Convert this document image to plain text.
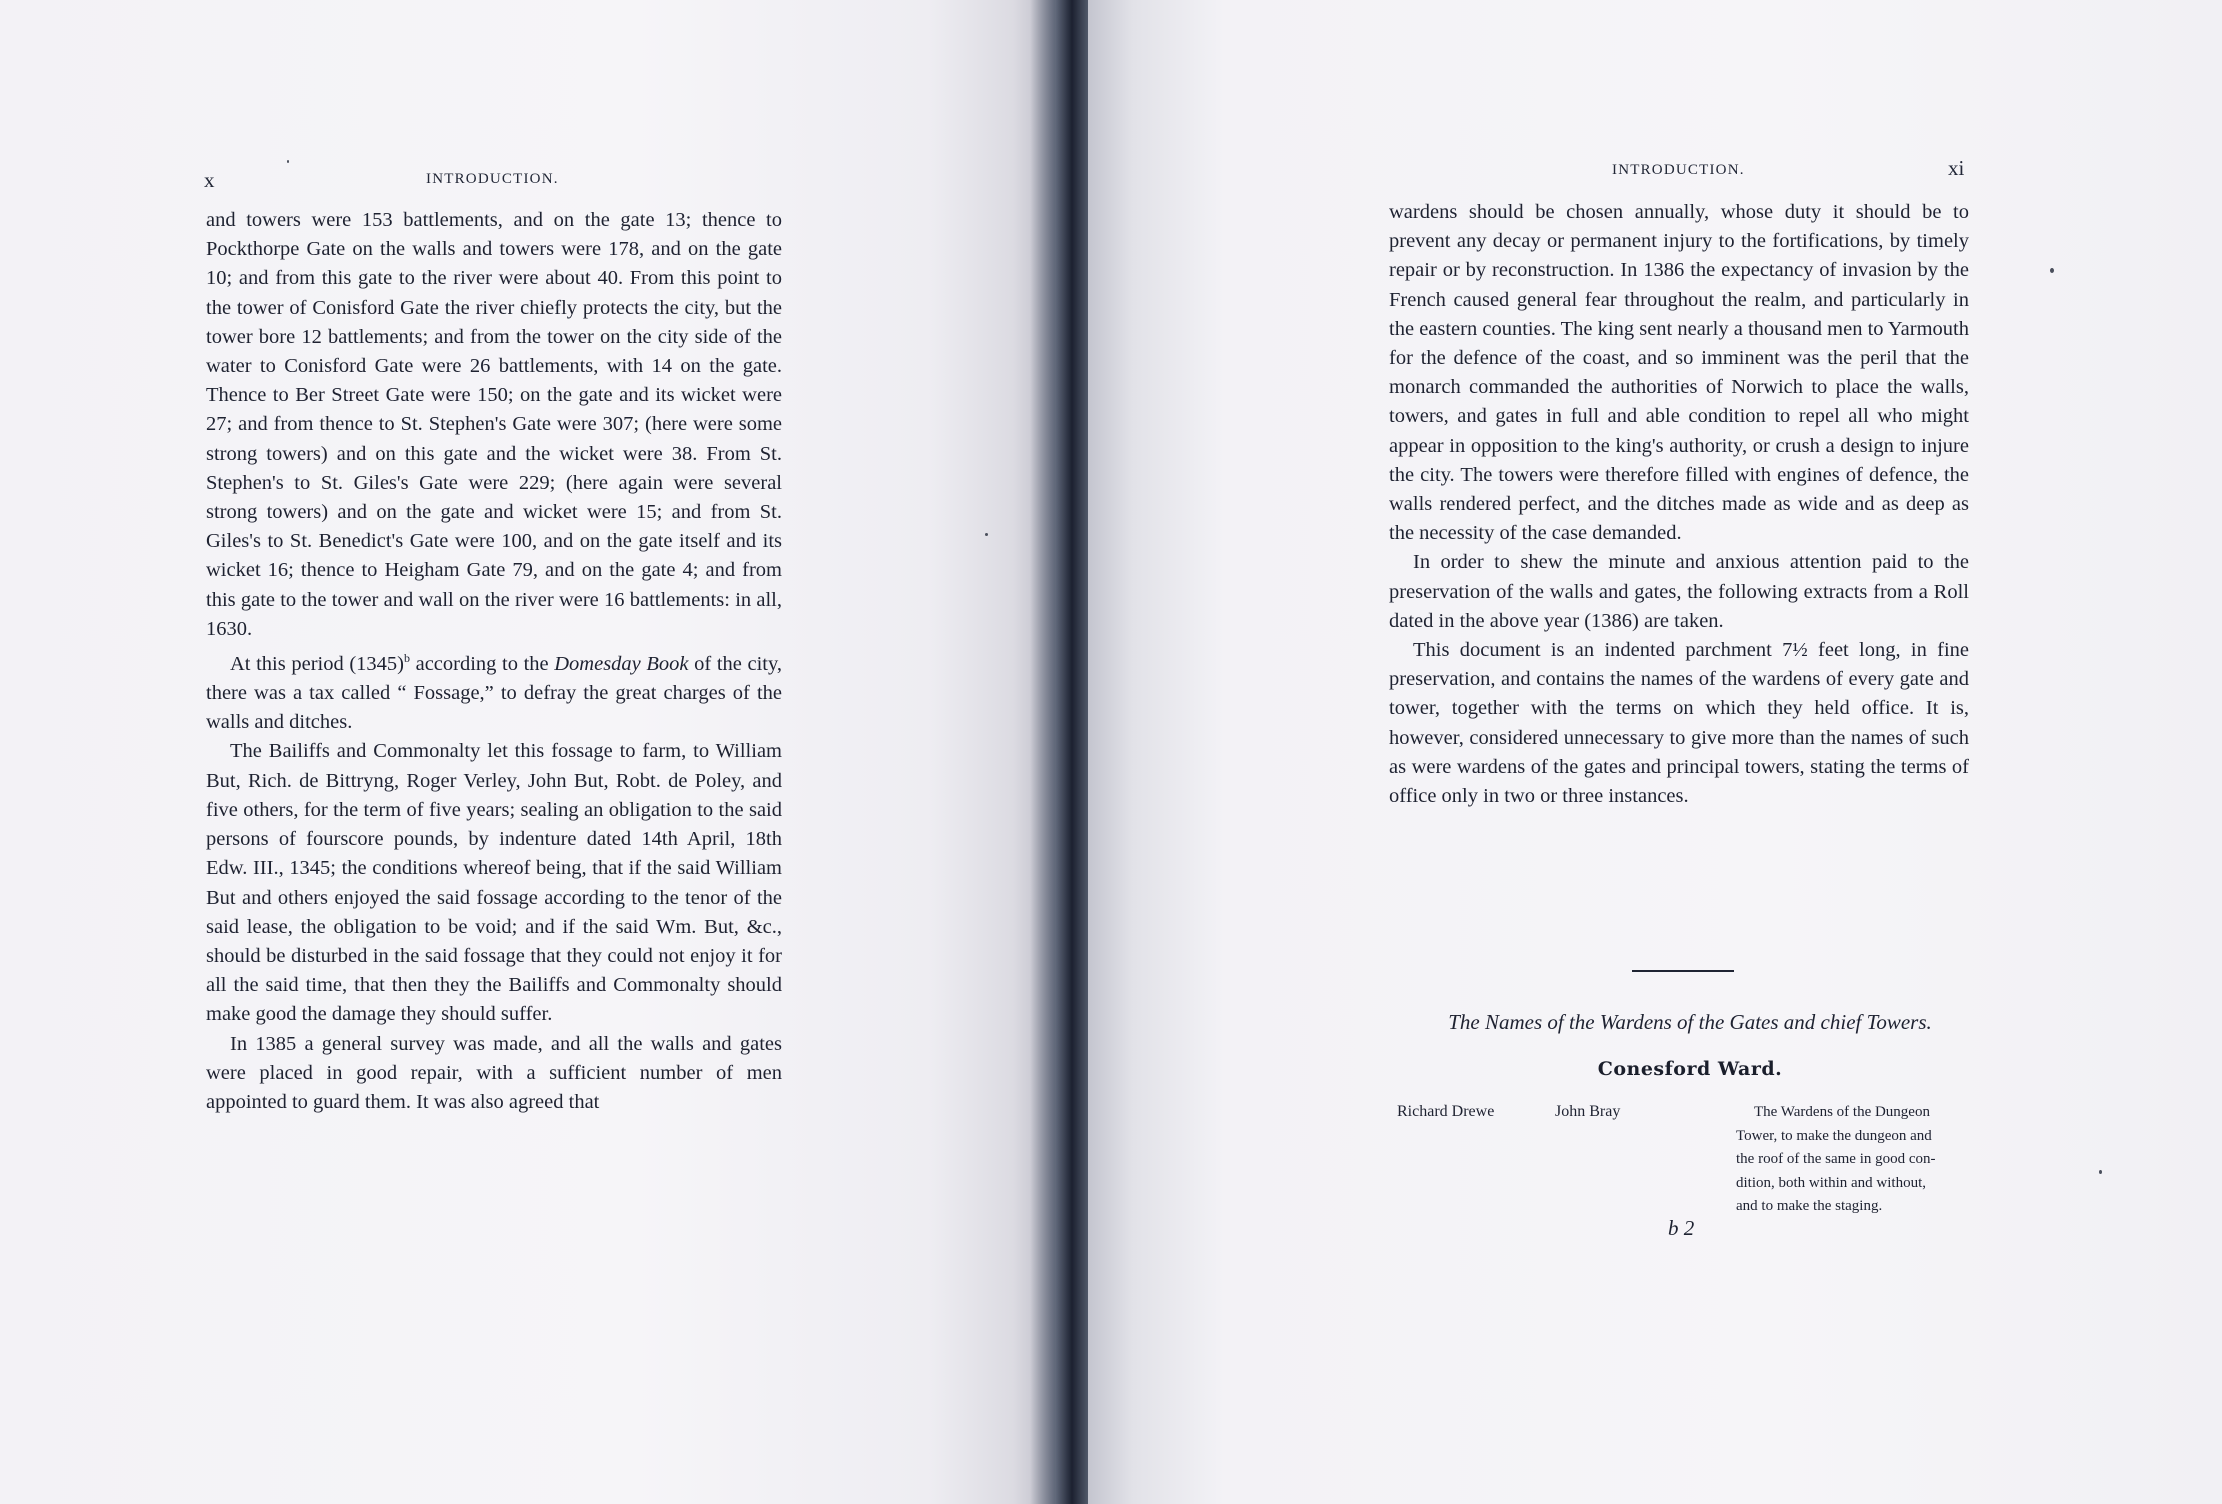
x	INTRODUCTION.

and towers were 153 battlements, and on the gate 13; thence to Pockthorpe Gate on the walls and towers were 178, and on the gate 10; and from this gate to the river were about 40. From this point to the tower of Conisford Gate the river chiefly protects the city, but the tower bore 12 battlements; and from the tower on the city side of the water to Conisford Gate were 26 battlements, with 14 on the gate. Thence to Ber Street Gate were 150; on the gate and its wicket were 27; and from thence to St. Stephen's Gate were 307; (here were some strong towers) and on this gate and the wicket were 38. From St. Stephen's to St. Giles's Gate were 229; (here again were several strong towers) and on the gate and wicket were 15; and from St. Giles's to St. Benedict's Gate were 100, and on the gate itself and its wicket 16; thence to Heigham Gate 79, and on the gate 4; and from this gate to the tower and wall on the river were 16 battlements: in all, 1630.

At this period $(1345)^b$ according to the Domesday Book of the city, there was a tax called “ Fossage,” to defray the great charges of the walls and ditches.

The Bailiffs and Commonalty let this fossage to farm, to William But, Rich. de Bittryng, Roger Verley, John But, Robt. de Poley, and five others, for the term of five years; sealing an obligation to the said persons of fourscore pounds, by indenture dated 14th April, 18th Edw. III., 1345; the conditions whereof being, that if the said William But and others enjoyed the said fossage according to the tenor of the said lease, the obligation to be void; and if the said Wm. But, &c., should be disturbed in the said fossage that they could not enjoy it for all the said time, that then they the Bailiffs and Commonalty should make good the damage they should suffer.

In 1385 a general survey was made, and all the walls and gates were placed in good repair, with a sufficient number of men appointed to guard them. It was also agreed that

INTRODUCTION.	xi

wardens should be chosen annually, whose duty it should be to prevent any decay or permanent injury to the fortifications, by timely repair or by reconstruction. In 1386 the expectancy of invasion by the French caused general fear throughout the realm, and particularly in the eastern counties. The king sent nearly a thousand men to Yarmouth for the defence of the coast, and so imminent was the peril that the monarch commanded the authorities of Norwich to place the walls, towers, and gates in full and able condition to repel all who might appear in opposition to the king's authority, or crush a design to injure the city. The towers were therefore filled with engines of defence, the walls rendered perfect, and the ditches made as wide and as deep as the necessity of the case demanded.

In order to shew the minute and anxious attention paid to the preservation of the walls and gates, the following extracts from a Roll dated in the above year (1386) are taken.

This document is an indented parchment 7½ feet long, in fine preservation, and contains the names of the wardens of every gate and tower, together with the terms on which they held office. It is, however, considered unnecessary to give more than the names of such as were wardens of the gates and principal towers, stating the terms of office only in two or three instances.

The Names of the Wardens of the Gates and chief Towers.
Conesford Ward.
Richard Drewe	John Bray	The Wardens of the Dungeon
Tower, to make the dungeon and
the roof of the same in good con-
dition, both within and without,
and to make the staging.
b 2
